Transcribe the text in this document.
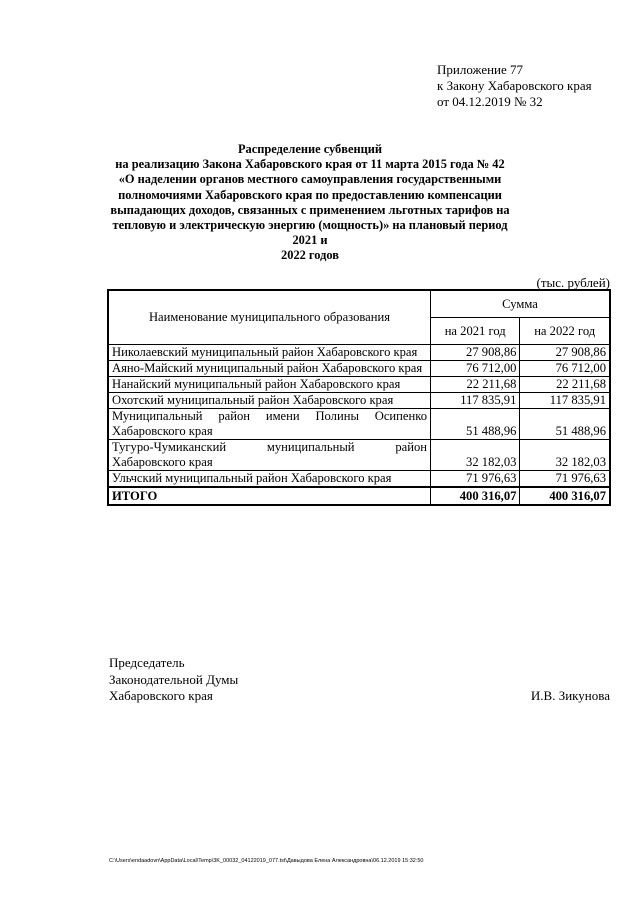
Приложение 77
к Закону Хабаровского края
от 04.12.2019 № 32
Распределение субвенций
на реализацию Закона Хабаровского края от 11 марта 2015 года № 42
«О наделении органов местного самоуправления государственными
полномочиями Хабаровского края по предоставлению компенсации
выпадающих доходов, связанных с применением льготных тарифов на
тепловую и электрическую энергию (мощность)» на плановый период 2021 и
2022 годов
(тыс. рублей)
Наименование муниципального образования	Сумма	
	на 2021 год	на 2022 год
Николаевский муниципальный район Хабаровского края	27 908,86	27 908,86
Аяно-Майский муниципальный район Хабаровского края	76 712,00	76 712,00
Нанайский муниципальный район Хабаровского края	22 211,68	22 211,68
Охотский муниципальный район Хабаровского края	117 835,91	117 835,91
Муниципальный район имени Полины Осипенко Хабаровского края	51 488,96	51 488,96
Тугуро-Чумиканский муниципальный район Хабаровского края	32 182,03	32 182,03
Ульчский муниципальный район Хабаровского края	71 976,63	71 976,63
ИТОГО	400 316,07	400 316,07
Председатель
Законодательной Думы
Хабаровского края	И.В. Зикунова
C:\Users\endaadovn\AppData\Local\Temp\3K_00032_04122019_077.tst\Давыдова Елена Александровна\06.12.2019 15:32:50
